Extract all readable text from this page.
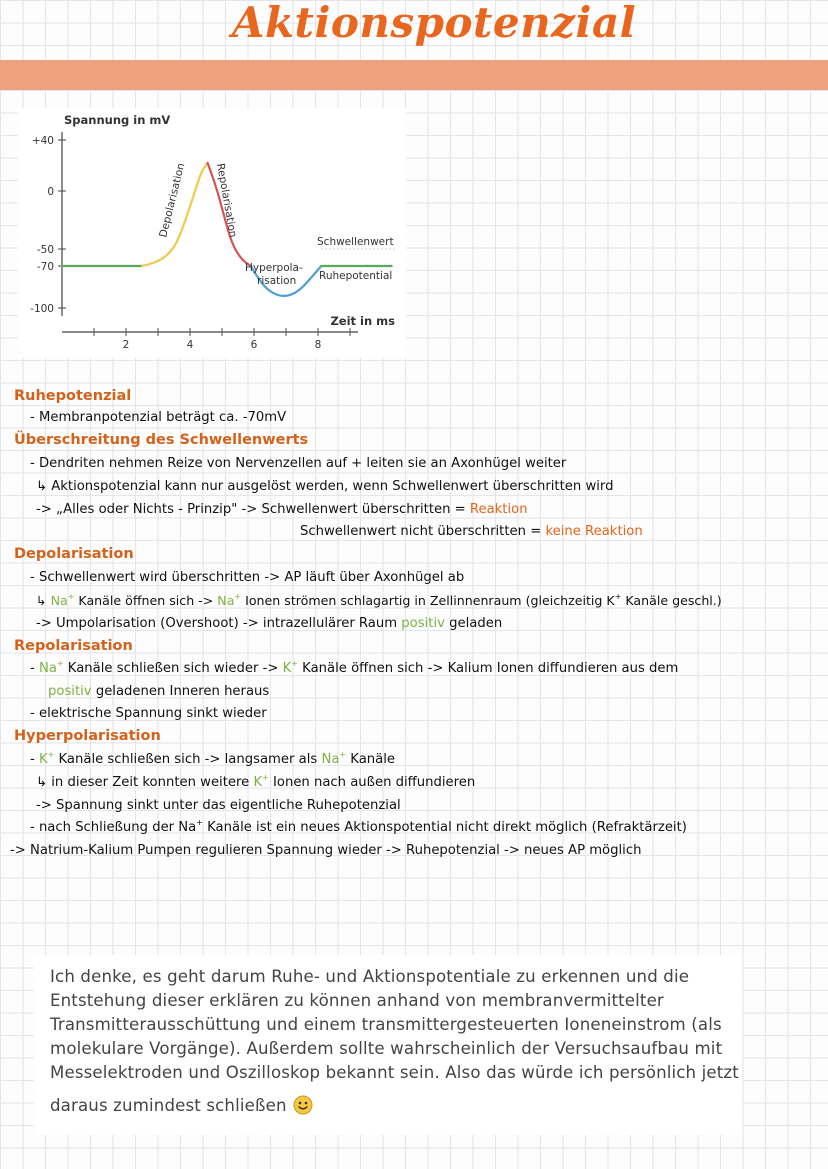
Aktionspotenzial
Spannung in mV
Zeit in ms
+40
0
-50
-70
-100
2	4	6	8
Depolarisation	Repolarisation
Schwellenwert
Hyperpola-
risation Ruhepotential
Ruhepotenzial
- Membranpotenzial beträgt ca. -70mV
Überschreitung des Schwellenwerts
- Dendriten nehmen Reize von Nervenzellen auf + leiten sie an Axonhügel weiter
↳ Aktionspotenzial kann nur ausgelöst werden, wenn Schwellenwert überschritten wird
-> „Alles oder Nichts - Prinzip" -> Schwellenwert überschritten = Reaktion
Schwellenwert nicht überschritten = keine Reaktion
Depolarisation
- Schwellenwert wird überschritten -> AP läuft über Axonhügel ab
↳ Na+ Kanäle öffnen sich -> Na+ Ionen strömen schlagartig in Zellinnenraum (gleichzeitig K+ Kanäle geschl.)
-> Umpolarisation (Overshoot) -> intrazellulärer Raum positiv geladen
Repolarisation
- Na+ Kanäle schließen sich wieder -> K+ Kanäle öffnen sich -> Kalium Ionen diffundieren aus dem
positiv geladenen Inneren heraus
- elektrische Spannung sinkt wieder
Hyperpolarisation
- K+ Kanäle schließen sich -> langsamer als Na+ Kanäle
↳ in dieser Zeit konnten weitere K+ Ionen nach außen diffundieren
-> Spannung sinkt unter das eigentliche Ruhepotenzial
- nach Schließung der Na+ Kanäle ist ein neues Aktionspotential nicht direkt möglich (Refraktärzeit)
-> Natrium-Kalium Pumpen regulieren Spannung wieder -> Ruhepotenzial -> neues AP möglich
Ich denke, es geht darum Ruhe- und Aktionspotentiale zu erkennen und die
Entstehung dieser erklären zu können anhand von membranvermittelter
Transmitterausschüttung und einem transmittergesteuerten Ioneneinstrom (als
molekulare Vorgänge). Außerdem sollte wahrscheinlich der Versuchsaufbau mit
Messelektroden und Oszilloskop bekannt sein. Also das würde ich persönlich jetzt
daraus zumindest schließen
